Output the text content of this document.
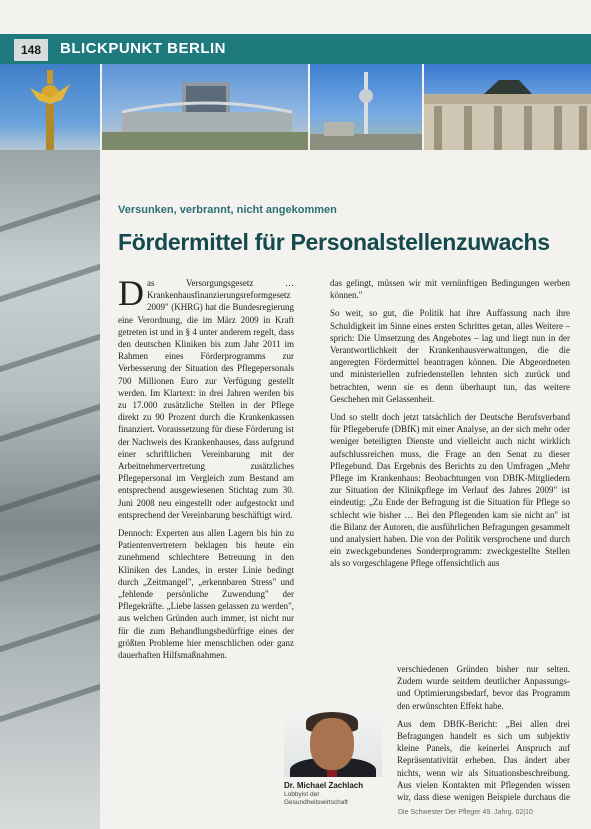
148	BLICKPUNKT BERLIN
Versunken, verbrannt, nicht angekommen
Fördermittel für Personalstellenzuwachs

Das Versorgungsgesetz … Krankenhausfinanzierungsreformgesetz 2009" (KHRG) hat die Bundesregierung eine Verordnung, die im März 2009 in Kraft getreten ist und in § 4 unter anderem regelt, dass den deutschen Kliniken bis zum Jahr 2011 im Rahmen eines Förderprogramms zur Verbesserung der Situation des Pflegepersonals 700 Millionen Euro zur Verfügung gestellt werden. Im Klartext: in drei Jahren werden bis zu 17.000 zusätzliche Stellen in der Pflege direkt zu 90 Prozent durch die Krankenkassen finanziert. Voraussetzung für diese Förderung ist der Nachweis des Krankenhauses, dass aufgrund einer schriftlichen Vereinbarung mit der Arbeitnehmervertretung zusätzliches Pflegepersonal im Vergleich zum Bestand am entsprechend ausgewiesenen Stichtag zum 30. Juni 2008 neu eingestellt oder aufgestockt und entsprechend der Vereinbarung beschäftigt wird.

Dennoch: Experten aus allen Lagern bis hin zu Patientenvertretern beklagen bis heute ein zunehmend schlechtere Betreuung in den Kliniken des Landes, in erster Linie bedingt durch „Zeitmangel", „erkennbaren Stress" und „fehlende persönliche Zuwendung" der Pflegekräfte. „Liebe lassen gelassen zu werden", aus welchen Gründen auch immer, ist nicht nur für die zum Behandlungsbedürftige eines der größten Probleme hier menschlichen oder ganz dauerhaften Hilfsmaßnahmen.

das gelingt, müssen wir mit vernünftigen Bedingungen werben können."

So weit, so gut, die Politik hat ihre Auffassung nach ihre Schuldigkeit im Sinne eines ersten Schrittes getan, alles Weitere – sprich: Die Umsetzung des Angebotes – lag und liegt nun in der Verantwortlichkeit der Krankenhausverwaltungen, die die angeregten Fördermittel beantragen können. Die Abgeordneten und ministeriellen zufriedenstellen lehnten sich zurück und betrachten, wenn sie es denn überhaupt tun, das weitere Geschehen mit Gelassenheit.

Und so stellt doch jetzt tatsächlich der Deutsche Berufsverband für Pflegeberufe (DBfK) mit einer Analyse, an der sich mehr oder weniger beteiligten Dienste und vielleicht auch nicht wirklich aufschlussreichen muss, die Frage an den Senat zu dieser Pflegebund. Das Ergebnis des Berichts zu den Umfragen „Mehr Pflege im Krankenhaus: Beobachtungen von DBfK-Mitgliedern zur Situation der Klinikpflege im Verlauf des Jahres 2009" ist eindeutig: „Zu Ende der Befragung ist die Situation für Pflege so schlecht wie bisher … Bei den Pflegenden kam sie nicht an" ist die Bilanz der Autoren, die ausführlichen Befragungen gesammelt und analysiert haben. Die von der Politik versprochene und durch ein zweckgebundenes Sonderprogramm: zweckgestellte Stellen als so vorgeschlagene Pflege offensichtlich aus

verschiedenen Gründen bisher nur selten. Zudem wurde seitdem deutlicher Anpassungs- und Optimierungsbedarf, bevor das Programm den erwünschten Effekt habe.

Aus dem DBfK-Bericht: „Bei allen drei Befragungen handelt es sich um subjektiv kleine Panels, die keinerlei Anspruch auf Repräsentativität erheben. Das ändert aber nichts, wenn wir als Situationsbeschreibung. Aus vielen Kontakten mit Pflegenden wissen wir, dass diese wenigen Beispiele durchaus die

Dr. Michael Zachlach
Lobbyist der Gesundheitswirtschaft
Die Schwester Der Pfleger 49. Jahrg. 02|10
